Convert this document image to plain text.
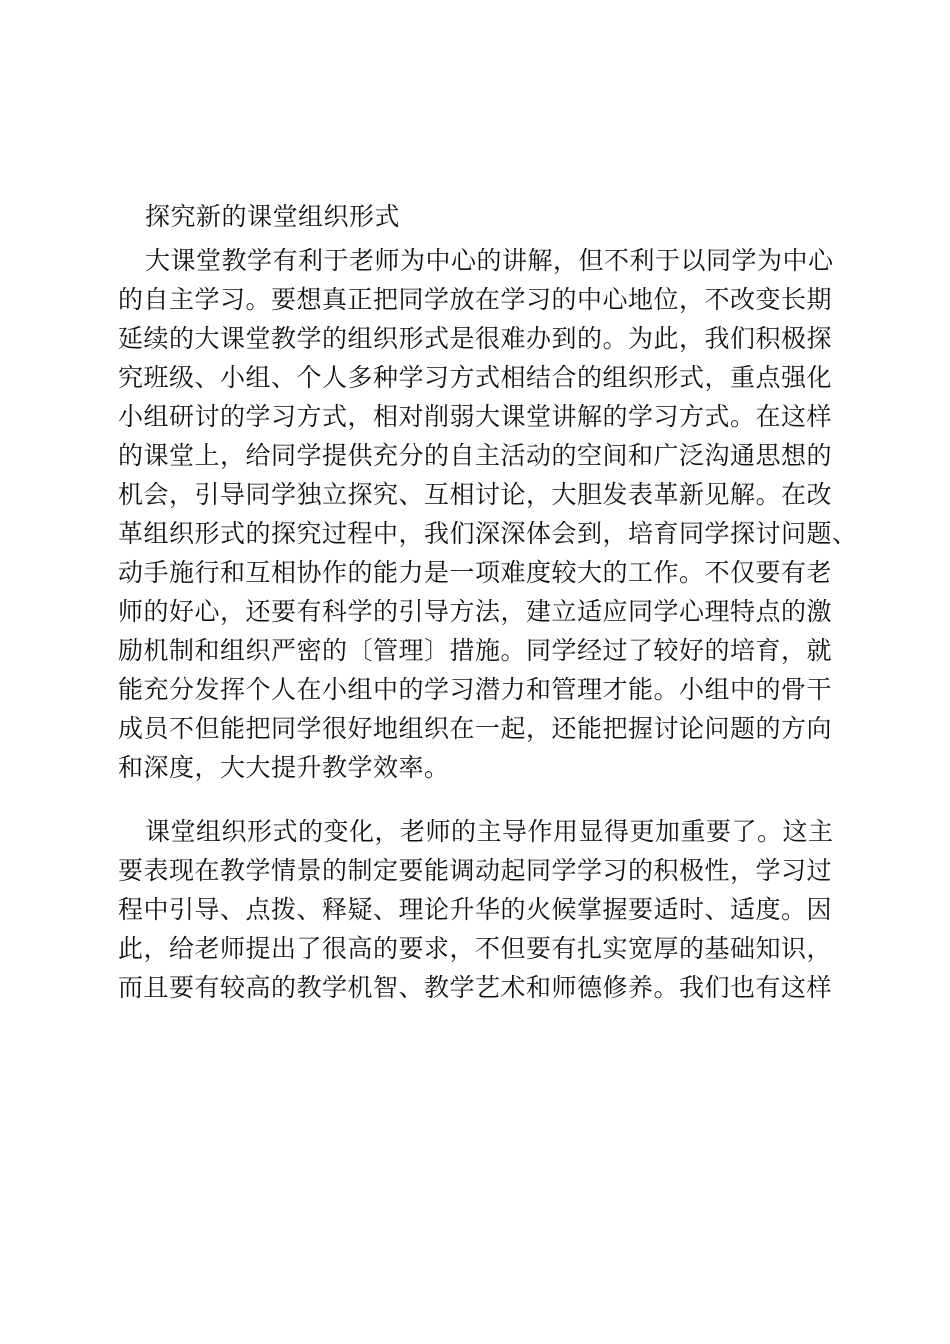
探究新的课堂组织形式

大课堂教学有利于老师为中心的讲解，但不利于以同学为中心

的自主学习。要想真正把同学放在学习的中心地位，不改变长期

延续的大课堂教学的组织形式是很难办到的。为此，我们积极探

究班级、小组、个人多种学习方式相结合的组织形式，重点强化

小组研讨的学习方式，相对削弱大课堂讲解的学习方式。在这样

的课堂上，给同学提供充分的自主活动的空间和广泛沟通思想的

机会，引导同学独立探究、互相讨论，大胆发表革新见解。在改

革组织形式的探究过程中，我们深深体会到，培育同学探讨问题、

动手施行和互相协作的能力是一项难度较大的工作。不仅要有老

师的好心，还要有科学的引导方法，建立适应同学心理特点的激

励机制和组织严密的〔管理〕措施。同学经过了较好的培育，就

能充分发挥个人在小组中的学习潜力和管理才能。小组中的骨干

成员不但能把同学很好地组织在一起，还能把握讨论问题的方向

和深度，大大提升教学效率。

课堂组织形式的变化，老师的主导作用显得更加重要了。这主

要表现在教学情景的制定要能调动起同学学习的积极性，学习过

程中引导、点拨、释疑、理论升华的火候掌握要适时、适度。因

此，给老师提出了很高的要求，不但要有扎实宽厚的基础知识，

而且要有较高的教学机智、教学艺术和师德修养。我们也有这样
